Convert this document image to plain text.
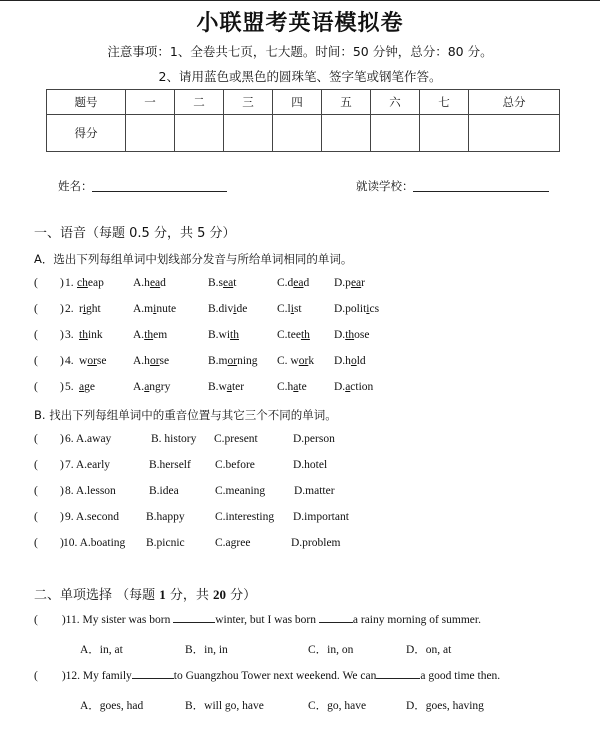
小联盟考英语模拟卷
注意事项：1、全卷共七页，七大题。时间：50 分钟，总分：80 分。
2、请用蓝色或黑色的圆珠笔、签字笔或钢笔作答。
题号	一	二	三	四	五	六	七	总分
得分								
姓名：	就读学校：
一、语音（每题 0.5 分，共 5 分）
A．选出下列每组单词中划线部分发音与所给单词相同的单词。
( ) 1. cheap	A.head	B.seat	C.dead D.pear
( ) 2. right	A.minute	B.divide	C.list	D.politics
( ) 3. think	A.them	B.with	C.teeth D.those
( ) 4. worse A.horse	B.morning C. work D.hold
( ) 5. age	A.angry	B.water	C.hate D.action
B. 找出下列每组单词中的重音位置与其它三个不同的单词。
( ) 6. A.away	B. history C.present	D.person
( ) 7. A.early	B.herself C.before	D.hotel
( ) 8. A.lesson	B.idea	C.meaning	D.matter
( ) 9. A.second B.happy	C.interesting D.important
( ) 10. A.boating B.picnic	C.agree	D.problem
二、单项选择 （每题 1 分，共 20 分）
( )11. My sister was born	winter, but I was born	a rainy morning of summer.
A．in, at	B．in, in	C．in, on	D．on, at
( )12. My family	to Guangzhou Tower next weekend. We can	a good time then.
A．goes, had	B．will go, have	C．go, have	D．goes, having
